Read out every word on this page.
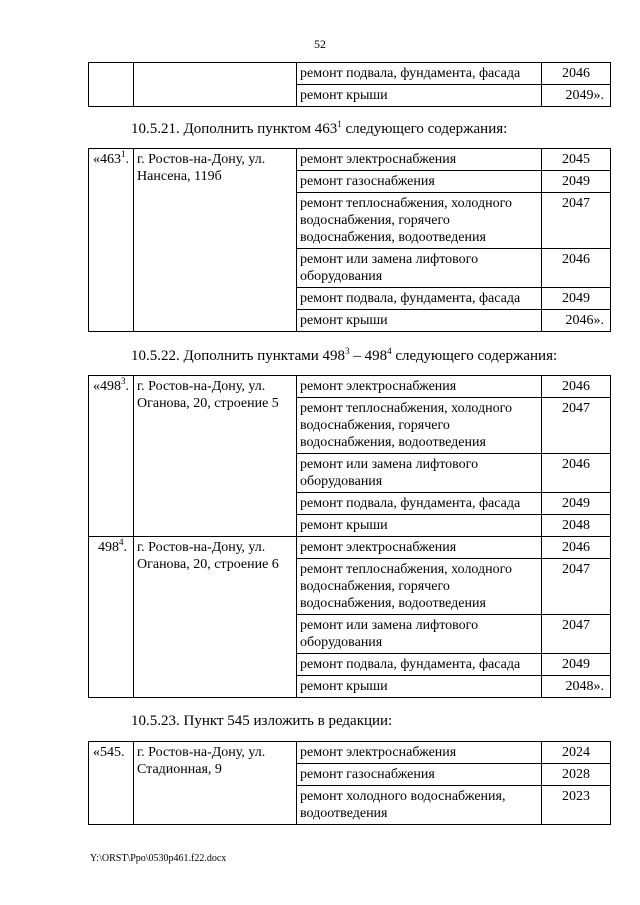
52
		ремонт подвала, фундамента, фасада	2046
		ремонт крыши	2049».
10.5.21. Дополнить пунктом $463^1$ следующего содержания:
«$463^1$.	г. Ростов-на-Дону, ул. Нансена, 119б	ремонт электроснабжения	2045
		ремонт газоснабжения	2049
		ремонт теплоснабжения, холодного водоснабжения, горячего водоснабжения, водоотведения	2047
		ремонт или замена лифтового оборудования	2046
		ремонт подвала, фундамента, фасада	2049
		ремонт крыши	2046».
10.5.22. Дополнить пунктами $498^3 - 498^4$ следующего содержания:
«$498^3$.	г. Ростов-на-Дону, ул. Оганова, 20, строение 5	ремонт электроснабжения	2046
		ремонт теплоснабжения, холодного водоснабжения, горячего водоснабжения, водоотведения	2047
		ремонт или замена лифтового оборудования	2046
		ремонт подвала, фундамента, фасада	2049
		ремонт крыши	2048
$498^4$.	г. Ростов-на-Дону, ул. Оганова, 20, строение 6	ремонт электроснабжения	2046
		ремонт теплоснабжения, холодного водоснабжения, горячего водоснабжения, водоотведения	2047
		ремонт или замена лифтового оборудования	2047
		ремонт подвала, фундамента, фасада	2049
		ремонт крыши	2048».
10.5.23. Пункт 545 изложить в редакции:
«545.	г. Ростов-на-Дону, ул. Стадионная, 9	ремонт электроснабжения	2024
		ремонт газоснабжения	2028
		ремонт холодного водоснабжения, водоотведения	2023
Y:\ORST\Ppo\0530p461.f22.docx
